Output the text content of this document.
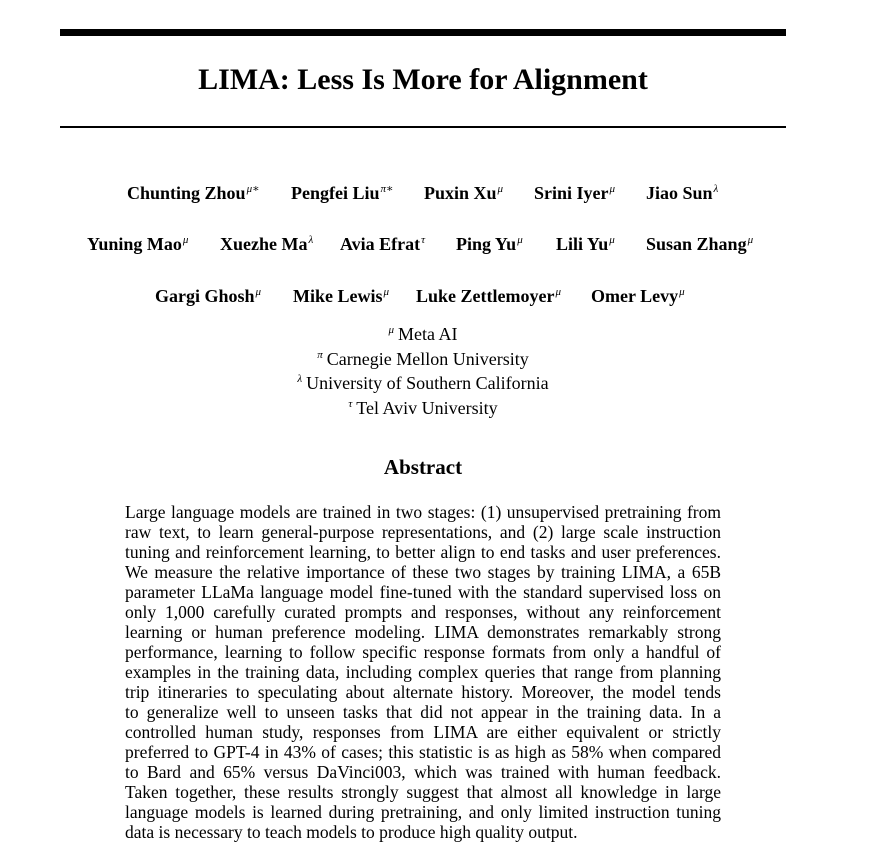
LIMA: Less Is More for Alignment
Chunting Zhou$^{\mu∗}$ Pengfei Liu$^{\pi∗}$ Puxin $Xu^\mu$ Srini Iyer$^\mu$ Jiao Sun$^\lambda$
Yuning Mao$^\mu$ Xuezhe $Ma^\lambda$ Avia Efrat$^\tau$ Ping $Yu^\mu$ Lili $Yu^\mu$ Susan Zhang$^\mu$
Gargi Ghosh$^\mu$ Mike Lewis$^\mu$ Luke Zettlemoyer$^\mu$ Omer Levy$^\mu$
$^\mu$ Meta AI
$^\pi$ Carnegie Mellon University
$^\lambda$ University of Southern California
$^\tau$ Tel Aviv University
Abstract
Large language models are trained in two stages: (1) unsupervised pretraining from
raw text, to learn general-purpose representations, and (2) large scale instruction
tuning and reinforcement learning, to better align to end tasks and user preferences.
We measure the relative importance of these two stages by training LIMA, a 65B
parameter LLaMa language model fine-tuned with the standard supervised loss on
only 1,000 carefully curated prompts and responses, without any reinforcement
learning or human preference modeling. LIMA demonstrates remarkably strong
performance, learning to follow specific response formats from only a handful of
examples in the training data, including complex queries that range from planning
trip itineraries to speculating about alternate history. Moreover, the model tends
to generalize well to unseen tasks that did not appear in the training data. In a
controlled human study, responses from LIMA are either equivalent or strictly
preferred to GPT-4 in 43% of cases; this statistic is as high as 58% when compared
to Bard and 65% versus DaVinci003, which was trained with human feedback.
Taken together, these results strongly suggest that almost all knowledge in large
language models is learned during pretraining, and only limited instruction tuning
data is necessary to teach models to produce high quality output.
